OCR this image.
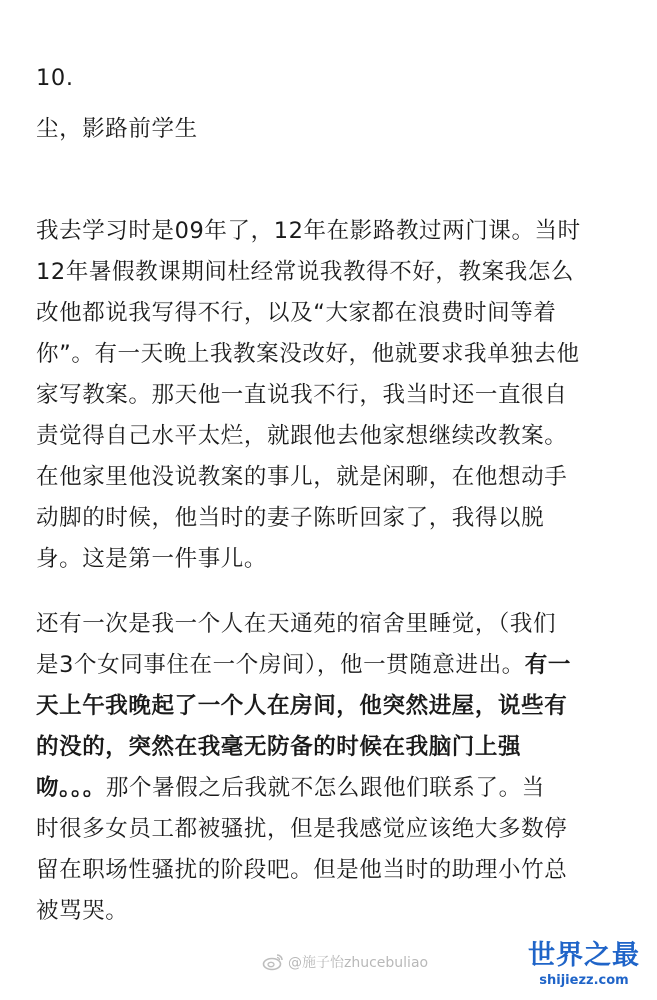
10.
尘，影路前学生
我去学习时是09年了，12年在影路教过两门课。当时
12年暑假教课期间杜经常说我教得不好，教案我怎么
改他都说我写得不行，以及“大家都在浪费时间等着
你”。有一天晚上我教案没改好，他就要求我单独去他
家写教案。那天他一直说我不行，我当时还一直很自
责觉得自己水平太烂，就跟他去他家想继续改教案。
在他家里他没说教案的事儿，就是闲聊，在他想动手
动脚的时候，他当时的妻子陈昕回家了，我得以脱
身。这是第一件事儿。
还有一次是我一个人在天通苑的宿舍里睡觉，（我们
是3个女同事住在一个房间），他一贯随意进出。有一
天上午我晚起了一个人在房间，他突然进屋，说些有
的没的，突然在我毫无防备的时候在我脑门上强
吻。。。那个暑假之后我就不怎么跟他们联系了。当
时很多女员工都被骚扰，但是我感觉应该绝大多数停
留在职场性骚扰的阶段吧。但是他当时的助理小竹总
被骂哭。
@施子怡zhucebuliao	世界之最
shijiezz.com
